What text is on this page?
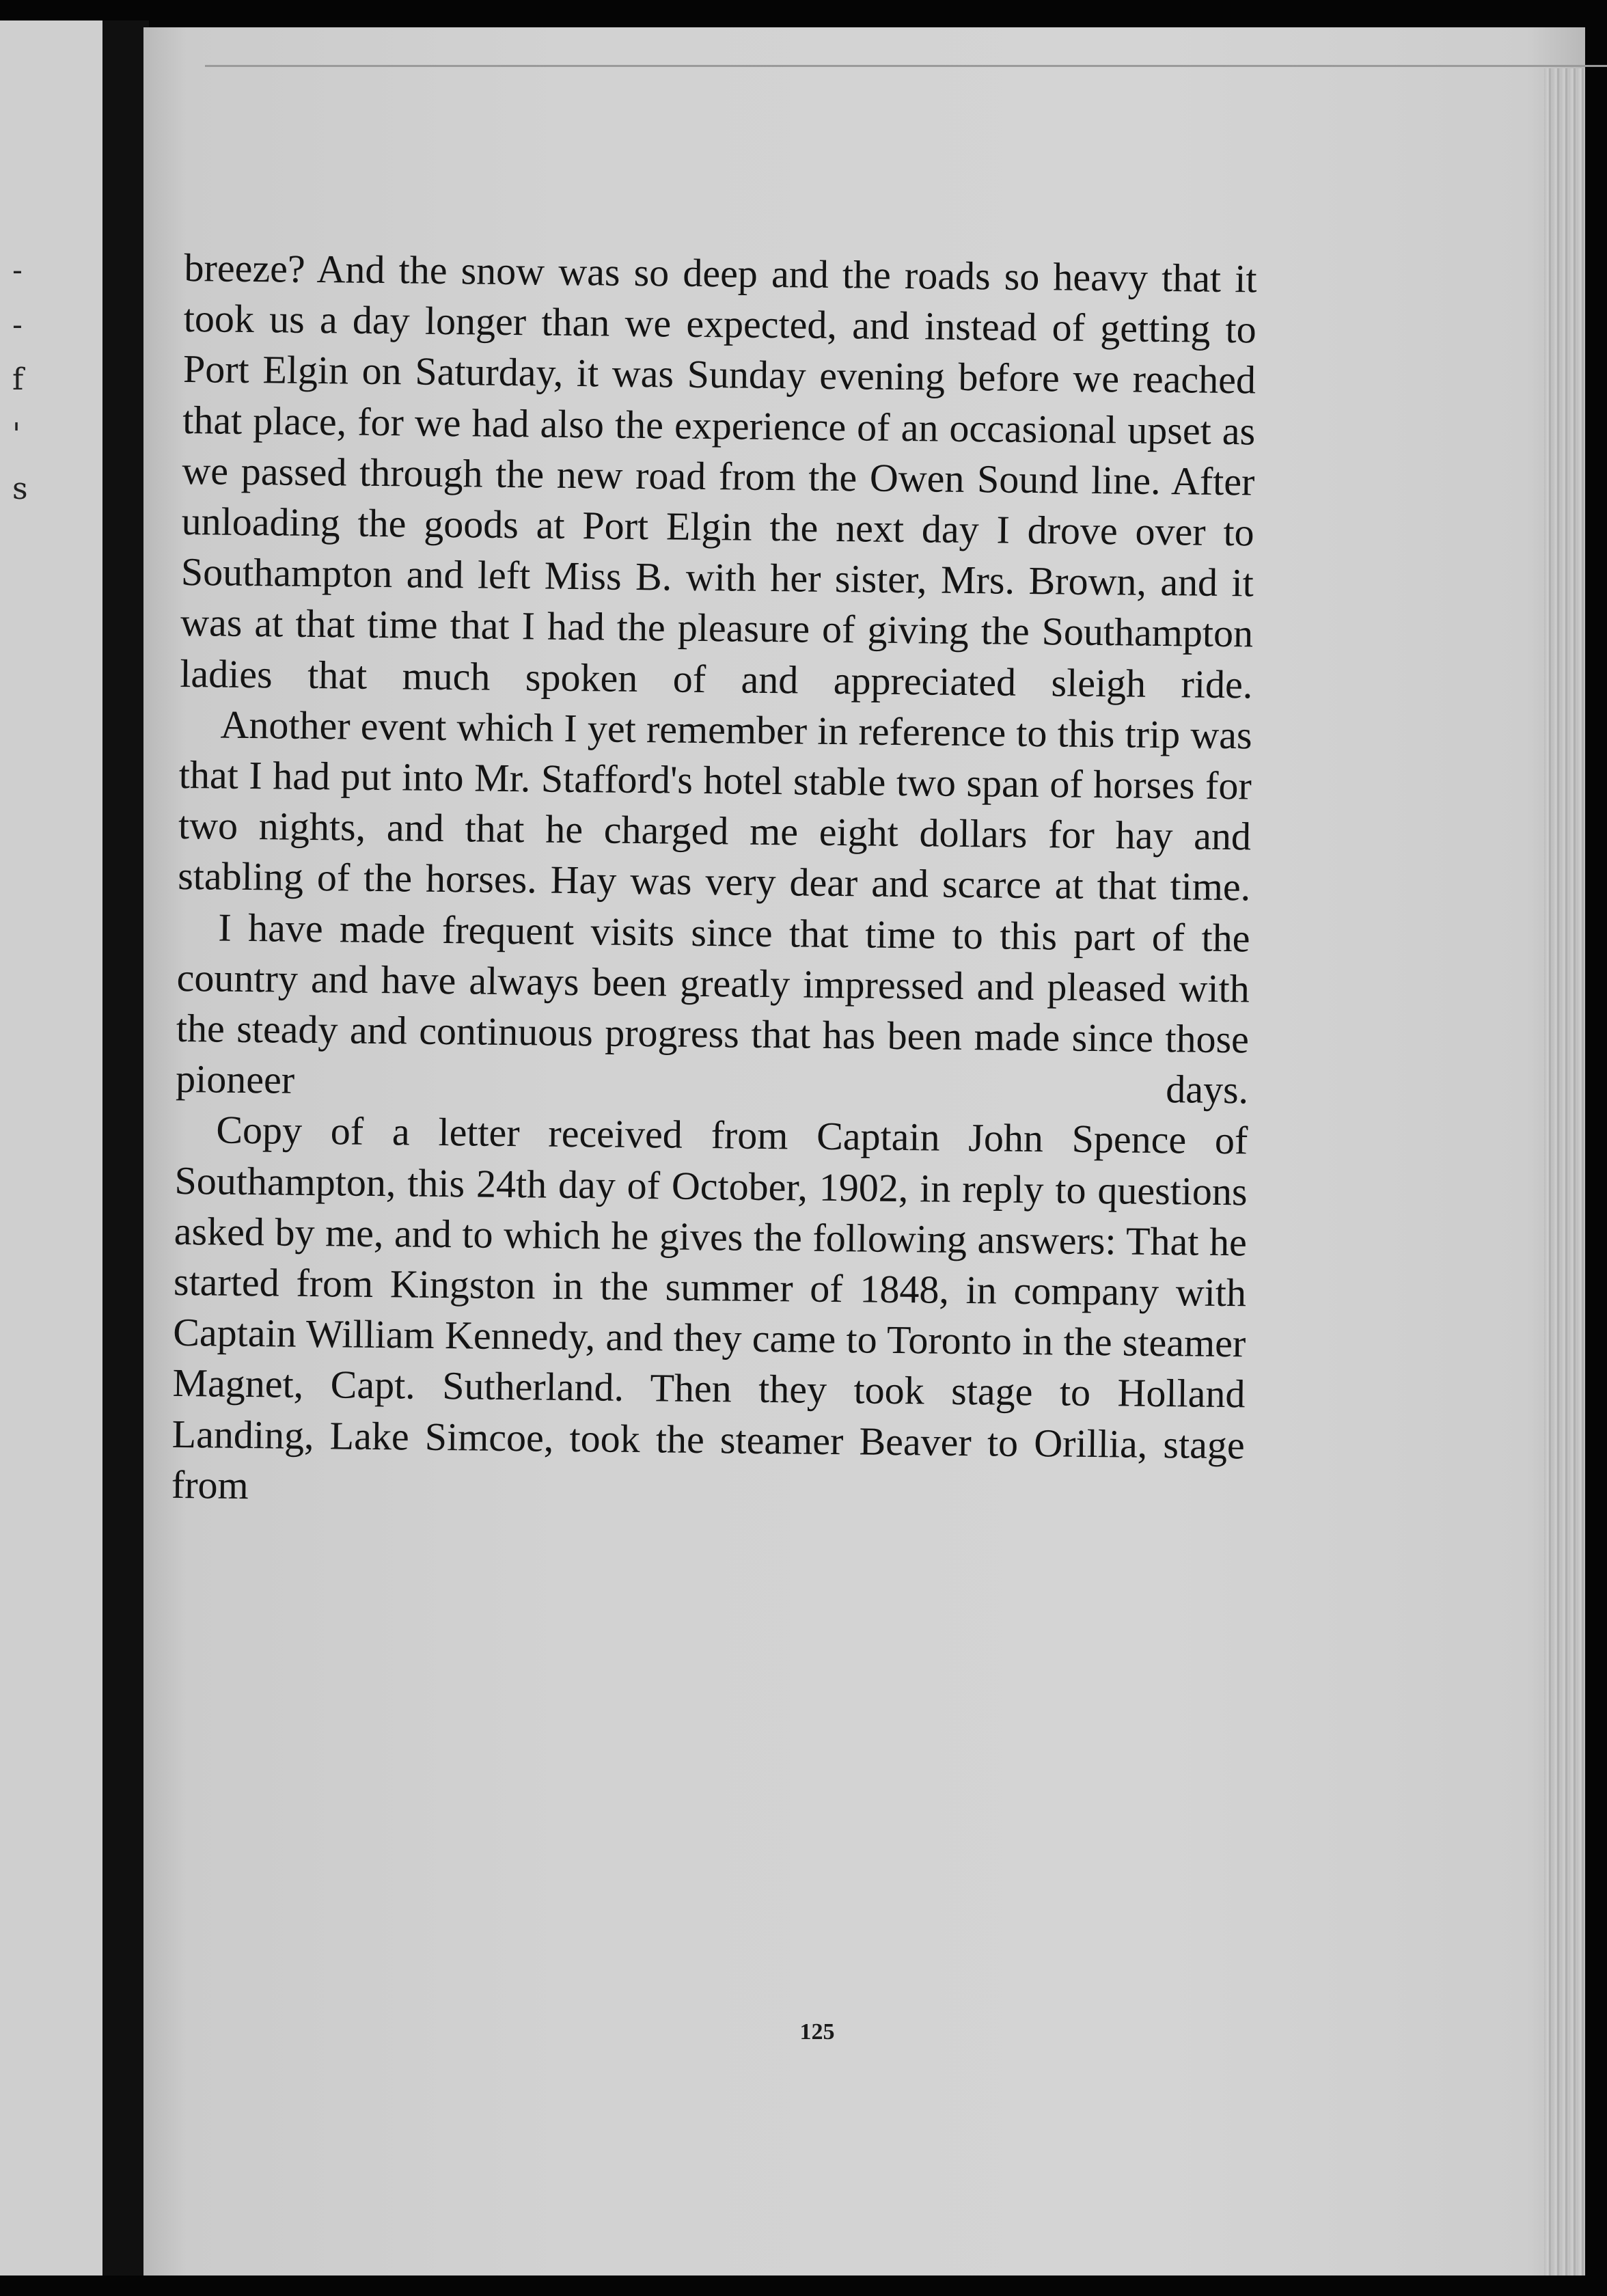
-
-
f
'
s

breeze? And the snow was so deep and the roads so heavy that it took us a day longer than we expected, and instead of getting to Port Elgin on Saturday, it was Sunday evening before we reached that place, for we had also the experience of an occasional upset as we passed through the new road from the Owen Sound line. After unloading the goods at Port Elgin the next day I drove over to Southampton and left Miss B. with her sister, Mrs. Brown, and it was at that time that I had the pleasure of giving the Southampton ladies that much spoken of and appreciated sleigh ride.

Another event which I yet remember in reference to this trip was that I had put into Mr. Stafford's hotel stable two span of horses for two nights, and that he charged me eight dollars for hay and stabling of the horses. Hay was very dear and scarce at that time.

I have made frequent visits since that time to this part of the country and have always been greatly impressed and pleased with the steady and continuous progress that has been made since those pioneer days.

Copy of a letter received from Captain John Spence of Southampton, this 24th day of October, 1902, in reply to questions asked by me, and to which he gives the following answers: That he started from Kingston in the summer of 1848, in company with Captain William Kennedy, and they came to Toronto in the steamer Magnet, Capt. Sutherland. Then they took stage to Holland Landing, Lake Simcoe, took the steamer Beaver to Orillia, stage from

125
